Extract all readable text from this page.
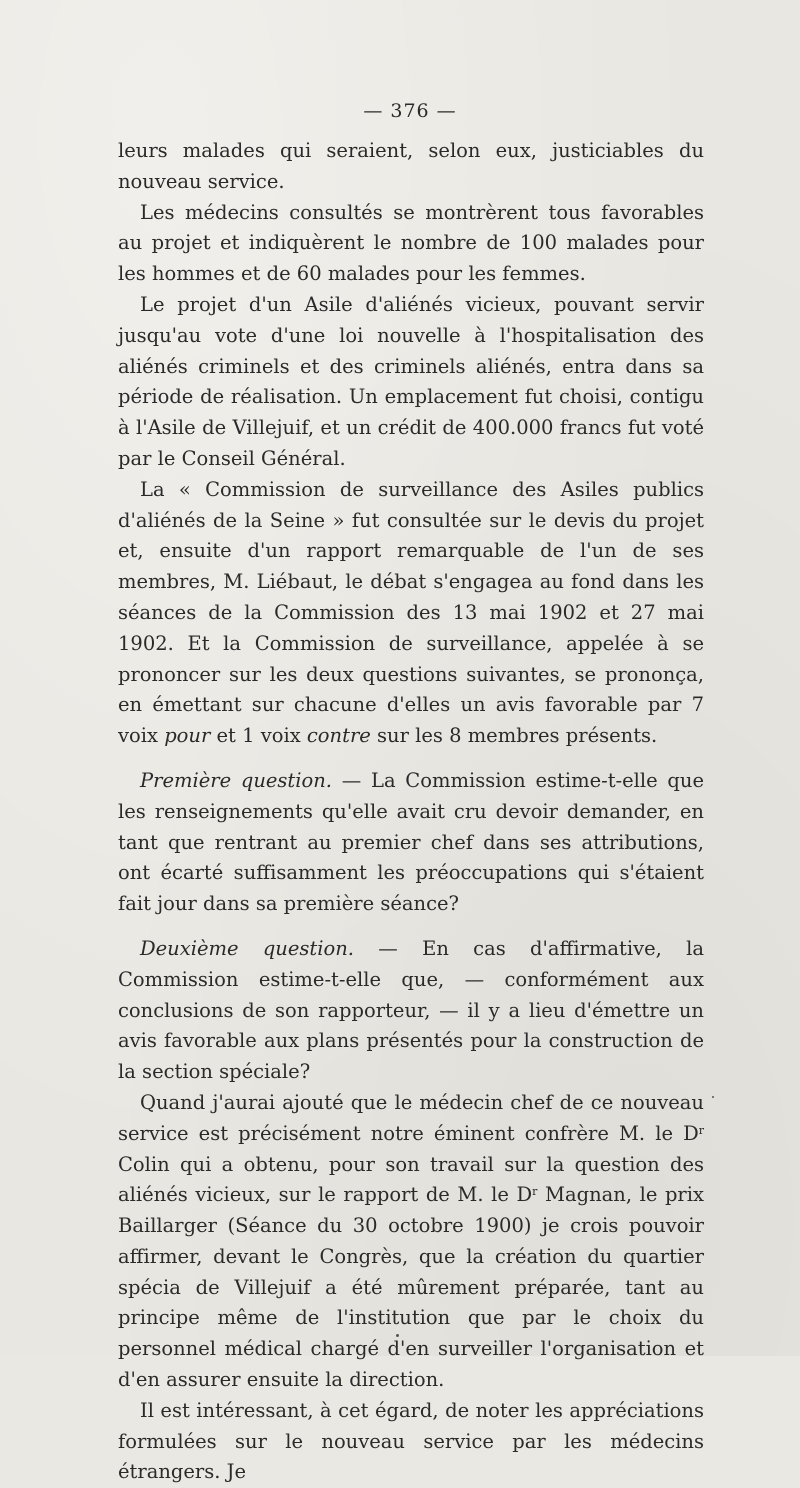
— 376 —

leurs malades qui seraient, selon eux, justiciables du nouveau service.

Les médecins consultés se montrèrent tous favorables au projet et indiquèrent le nombre de 100 malades pour les hommes et de 60 malades pour les femmes.

Le projet d'un Asile d'aliénés vicieux, pouvant servir jusqu'au vote d'une loi nouvelle à l'hospitalisation des aliénés criminels et des criminels aliénés, entra dans sa période de réalisation. Un emplacement fut choisi, contigu à l'Asile de Villejuif, et un crédit de 400.000 francs fut voté par le Conseil Général.

La « Commission de surveillance des Asiles publics d'aliénés de la Seine » fut consultée sur le devis du projet et, ensuite d'un rapport remarquable de l'un de ses membres, M. Liébaut, le débat s'engagea au fond dans les séances de la Commission des 13 mai 1902 et 27 mai 1902. Et la Commission de surveillance, appelée à se prononcer sur les deux questions suivantes, se prononça, en émettant sur chacune d'elles un avis favorable par 7 voix pour et 1 voix contre sur les 8 membres présents.

Première question. — La Commission estime-t-elle que les renseignements qu'elle avait cru devoir demander, en tant que rentrant au premier chef dans ses attributions, ont écarté suffisamment les préoccupations qui s'étaient fait jour dans sa première séance?

Deuxième question. — En cas d'affirmative, la Commission estime-t-elle que, — conformément aux conclusions de son rapporteur, — il y a lieu d'émettre un avis favorable aux plans présentés pour la construction de la section spéciale?

Quand j'aurai ajouté que le médecin chef de ce nouveau service est précisément notre éminent confrère M. le $D^r$ Colin qui a obtenu, pour son travail sur la question des aliénés vicieux, sur le rapport de M. le $D^r$ Magnan, le prix Baillarger (Séance du 30 octobre 1900) je crois pouvoir affirmer, devant le Congrès, que la création du quartier spécia de Villejuif a été mûrement préparée, tant au principe même de l'institution que par le choix du personnel médical chargé d'en surveiller l'organisation et d'en assurer ensuite la direction.

Il est intéressant, à cet égard, de noter les appréciations formulées sur le nouveau service par les médecins étrangers. Je
